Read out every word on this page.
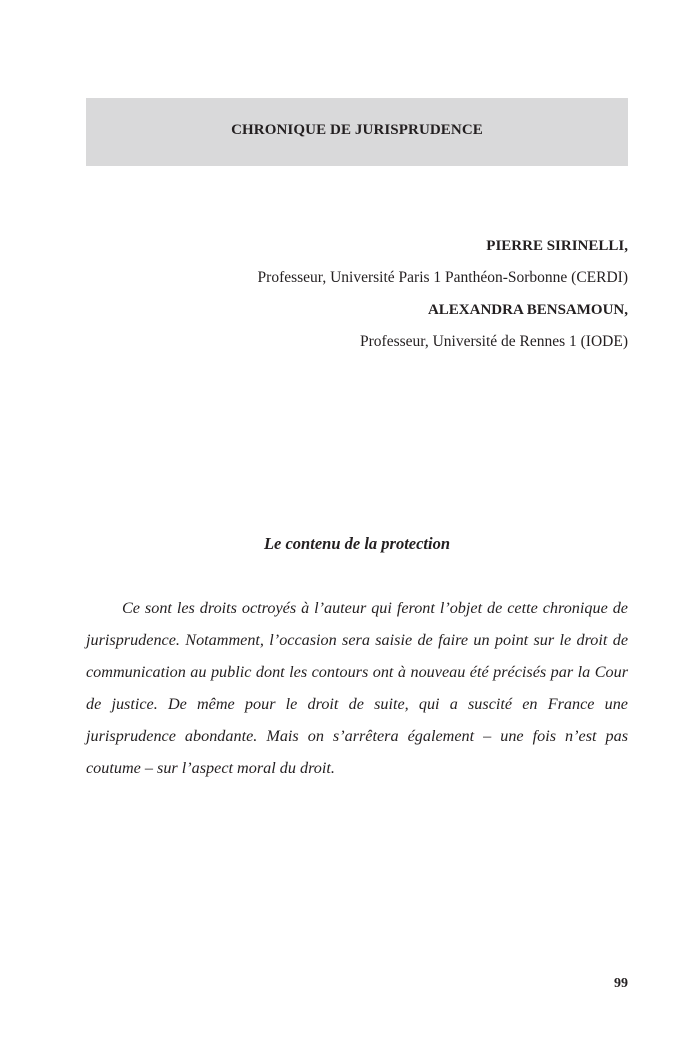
CHRONIQUE DE JURISPRUDENCE
PIERRE SIRINELLI,
Professeur, Université Paris 1 Panthéon-Sorbonne (CERDI)
ALEXANDRA BENSAMOUN,
Professeur, Université de Rennes 1 (IODE)
Le contenu de la protection

Ce sont les droits octroyés à l’auteur qui feront l’objet de cette chronique de jurisprudence. Notamment, l’occasion sera saisie de faire un point sur le droit de communication au public dont les contours ont à nouveau été précisés par la Cour de justice. De même pour le droit de suite, qui a suscité en France une jurisprudence abondante. Mais on s’arrêtera également – une fois n’est pas coutume – sur l’aspect moral du droit.

99
